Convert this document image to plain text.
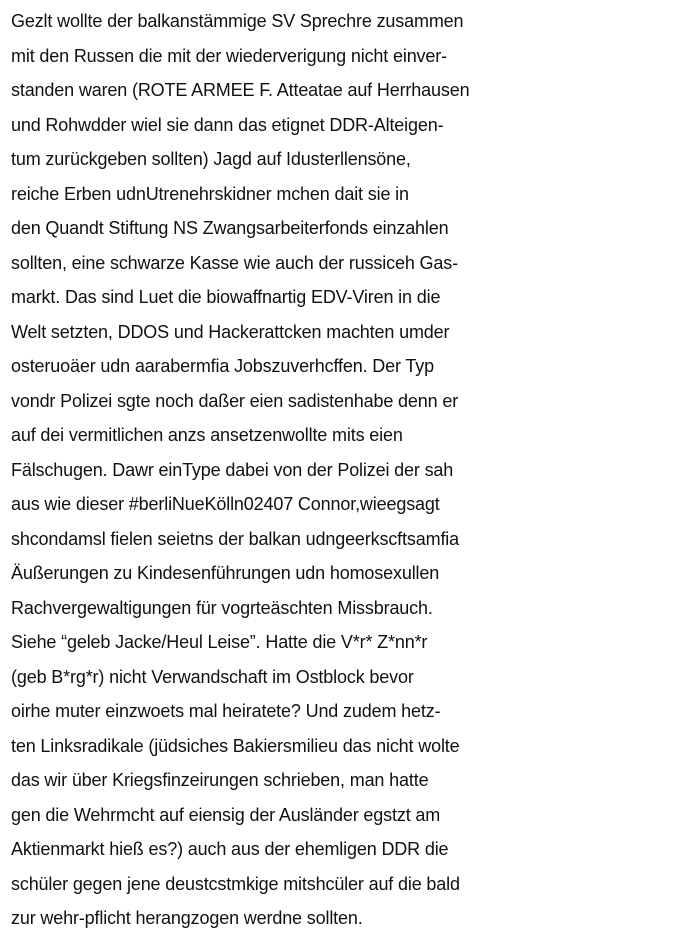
Gezlt wollte der balkanstämmige SV Sprechre zusammen
mit den Russen die mit der wiederverigung nicht einver-
standen waren (ROTE ARMEE F. Atteatae auf Herrhausen
und Rohwdder wiel sie dann das etignet DDR-Alteigen-
tum zurückgeben sollten) Jagd auf Idusterllensöne,
reiche Erben udnUtrenehrskidner mchen dait sie in
den Quandt Stiftung NS Zwangsarbeiterfonds einzahlen
sollten, eine schwarze Kasse wie auch der russiceh Gas-
markt. Das sind Luet die biowaffnartig EDV-Viren in die
Welt setzten, DDOS und Hackerattcken machten umder
osteruoäer udn aarabermfia Jobszuverhcffen. Der Typ
vondr Polizei sgte noch daßer eien sadistenhabe denn er
auf dei vermitlichen anzs ansetzenwollte mits eien
Fälschugen. Dawr einType dabei von der Polizei der sah
aus wie dieser #berliNueKölln02407 Connor,wieegsagt
shcondamsl fielen seietns der balkan udngeerkscftsamfia
Äußerungen zu Kindesenführungen udn homosexullen
Rachvergewaltigungen für vogrteäschten Missbrauch.
Siehe “geleb Jacke/Heul Leise”. Hatte die V*r* Z*nn*r
(geb B*rg*r) nicht Verwandschaft im Ostblock bevor
oirhe muter einzwoets mal heiratete? Und zudem hetz-
ten Linksradikale (jüdsiches Bakiersmilieu das nicht wolte
das wir über Kriegsfinzeirungen schrieben, man hatte
gen die Wehrmcht auf eiensig der Ausländer egstzt am
Aktienmarkt hieß es?) auch aus der ehemligen DDR die
schüler gegen jene deustcstmkige mitshcüler auf die bald
zur wehr-pflicht herangzogen werdne sollten.
